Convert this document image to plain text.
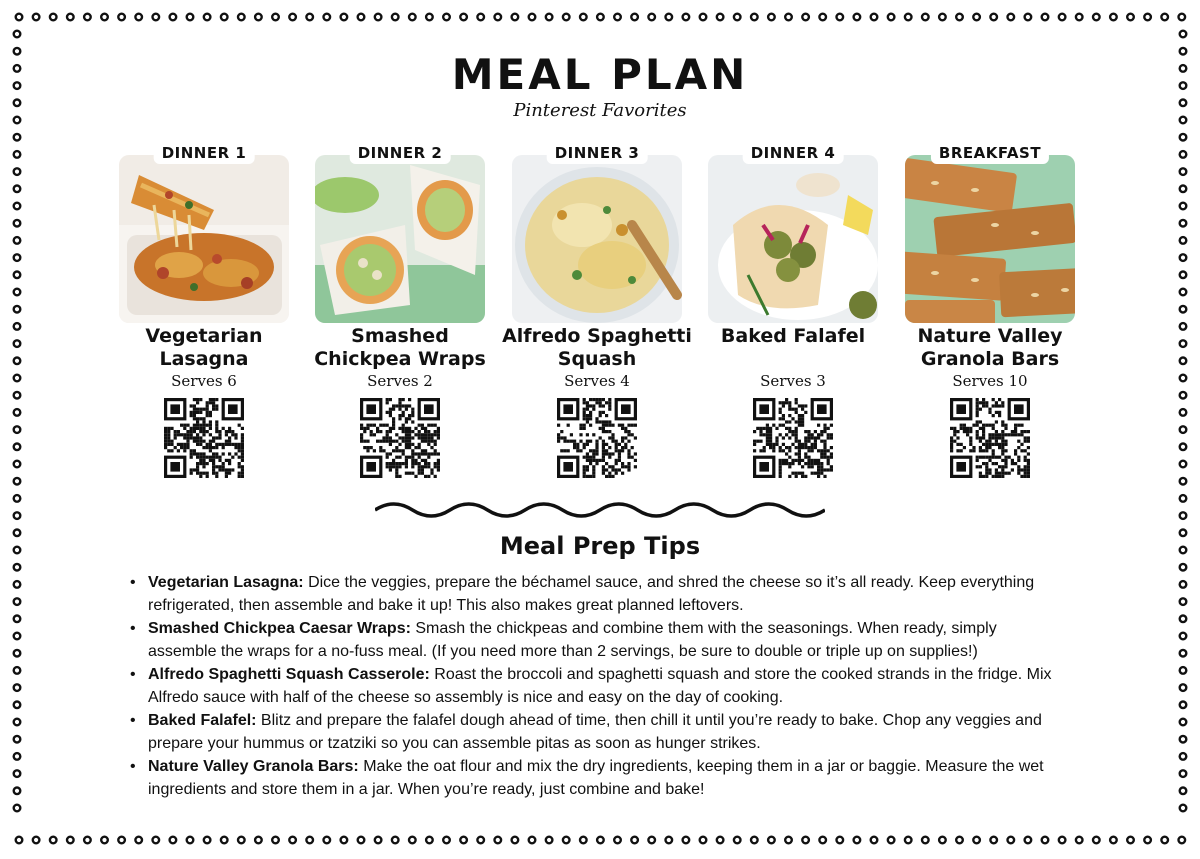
MEAL PLAN
Pinterest Favorites
DINNER 1
Vegetarian Lasagna
Serves 6
DINNER 2
Smashed Chickpea Wraps
Serves 2
DINNER 3
Alfredo Spaghetti Squash
Serves 4
DINNER 4
Baked Falafel
Serves 3
BREAKFAST
Nature Valley Granola Bars
Serves 10
Meal Prep Tips
• Vegetarian Lasagna: Dice the veggies, prepare the béchamel sauce, and shred the cheese so it’s all ready. Keep everything refrigerated, then assemble and bake it up! This also makes great planned leftovers.
• Smashed Chickpea Caesar Wraps: Smash the chickpeas and combine them with the seasonings. When ready, simply assemble the wraps for a no-fuss meal. (If you need more than 2 servings, be sure to double or triple up on supplies!)
• Alfredo Spaghetti Squash Casserole: Roast the broccoli and spaghetti squash and store the cooked strands in the fridge. Mix Alfredo sauce with half of the cheese so assembly is nice and easy on the day of cooking.
• Baked Falafel: Blitz and prepare the falafel dough ahead of time, then chill it until you’re ready to bake. Chop any veggies and prepare your hummus or tzatziki so you can assemble pitas as soon as hunger strikes.
• Nature Valley Granola Bars: Make the oat flour and mix the dry ingredients, keeping them in a jar or baggie. Measure the wet ingredients and store them in a jar. When you’re ready, just combine and bake!
